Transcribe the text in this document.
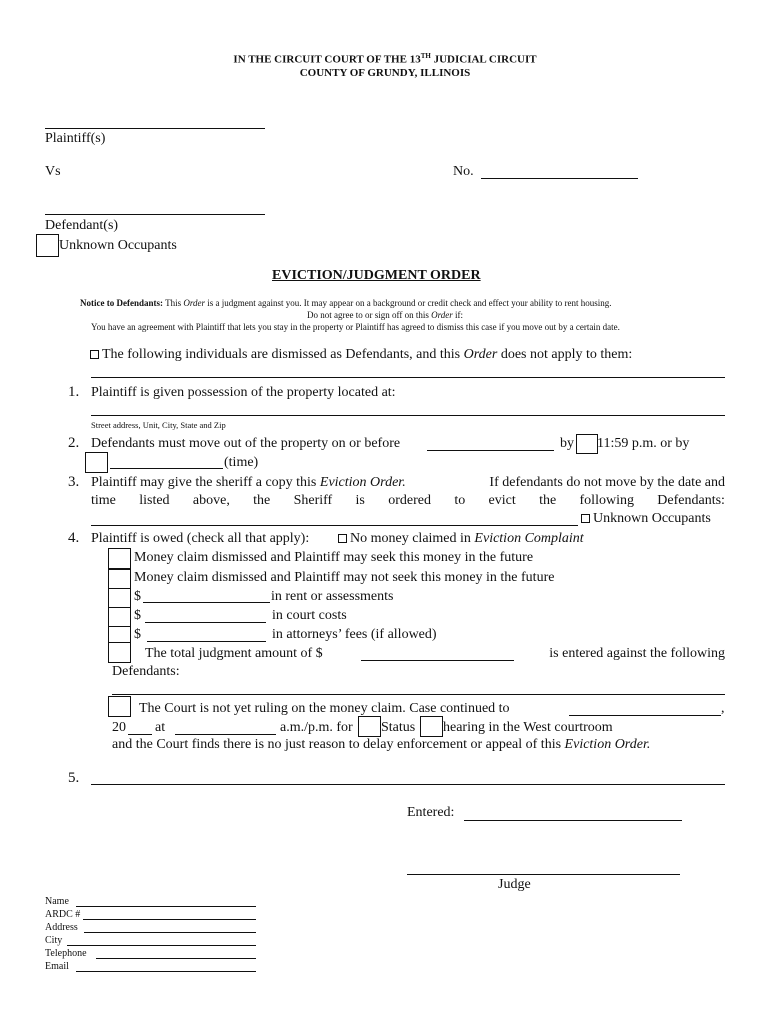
IN THE CIRCUIT COURT OF THE 13TH JUDICIAL CIRCUIT
COUNTY OF GRUNDY, ILLINOIS
Plaintiff(s)
Vs	No.
Defendant(s)
Unknown Occupants
EVICTION/JUDGMENT ORDER
Notice to Defendants: This Order is a judgment against you. It may appear on a background or credit check and effect your ability to rent housing.
Do not agree to or sign off on this Order if:
You have an agreement with Plaintiff that lets you stay in the property or Plaintiff has agreed to dismiss this case if you move out by a certain date.
The following individuals are dismissed as Defendants, and this Order does not apply to them:
1. Plaintiff is given possession of the property located at:
Street address, Unit, City, State and Zip
2. Defendants must move out of the property on or before	by 11:59 p.m. or by
(time)
3. Plaintiff may give the sheriff a copy this Eviction Order.	If defendants do not move by the date and
time listed above, the Sheriff is ordered to evict the following Defendants:
Unknown Occupants
4. Plaintiff is owed (check all that apply):	No money claimed in Eviction Complaint
Money claim dismissed and Plaintiff may seek this money in the future
Money claim dismissed and Plaintiff may not seek this money in the future
$	in rent or assessments
$	in court costs
$	in attorneys’ fees (if allowed)
The total judgment amount of $	is entered against the following
Defendants:
The Court is not yet ruling on the money claim. Case continued to	,
20 at	a.m./p.m. for Status hearing in the West courtroom
and the Court finds there is no just reason to delay enforcement or appeal of this Eviction Order.
5.
Entered:
Judge
Name
ARDC #
Address
City
Telephone
Email
